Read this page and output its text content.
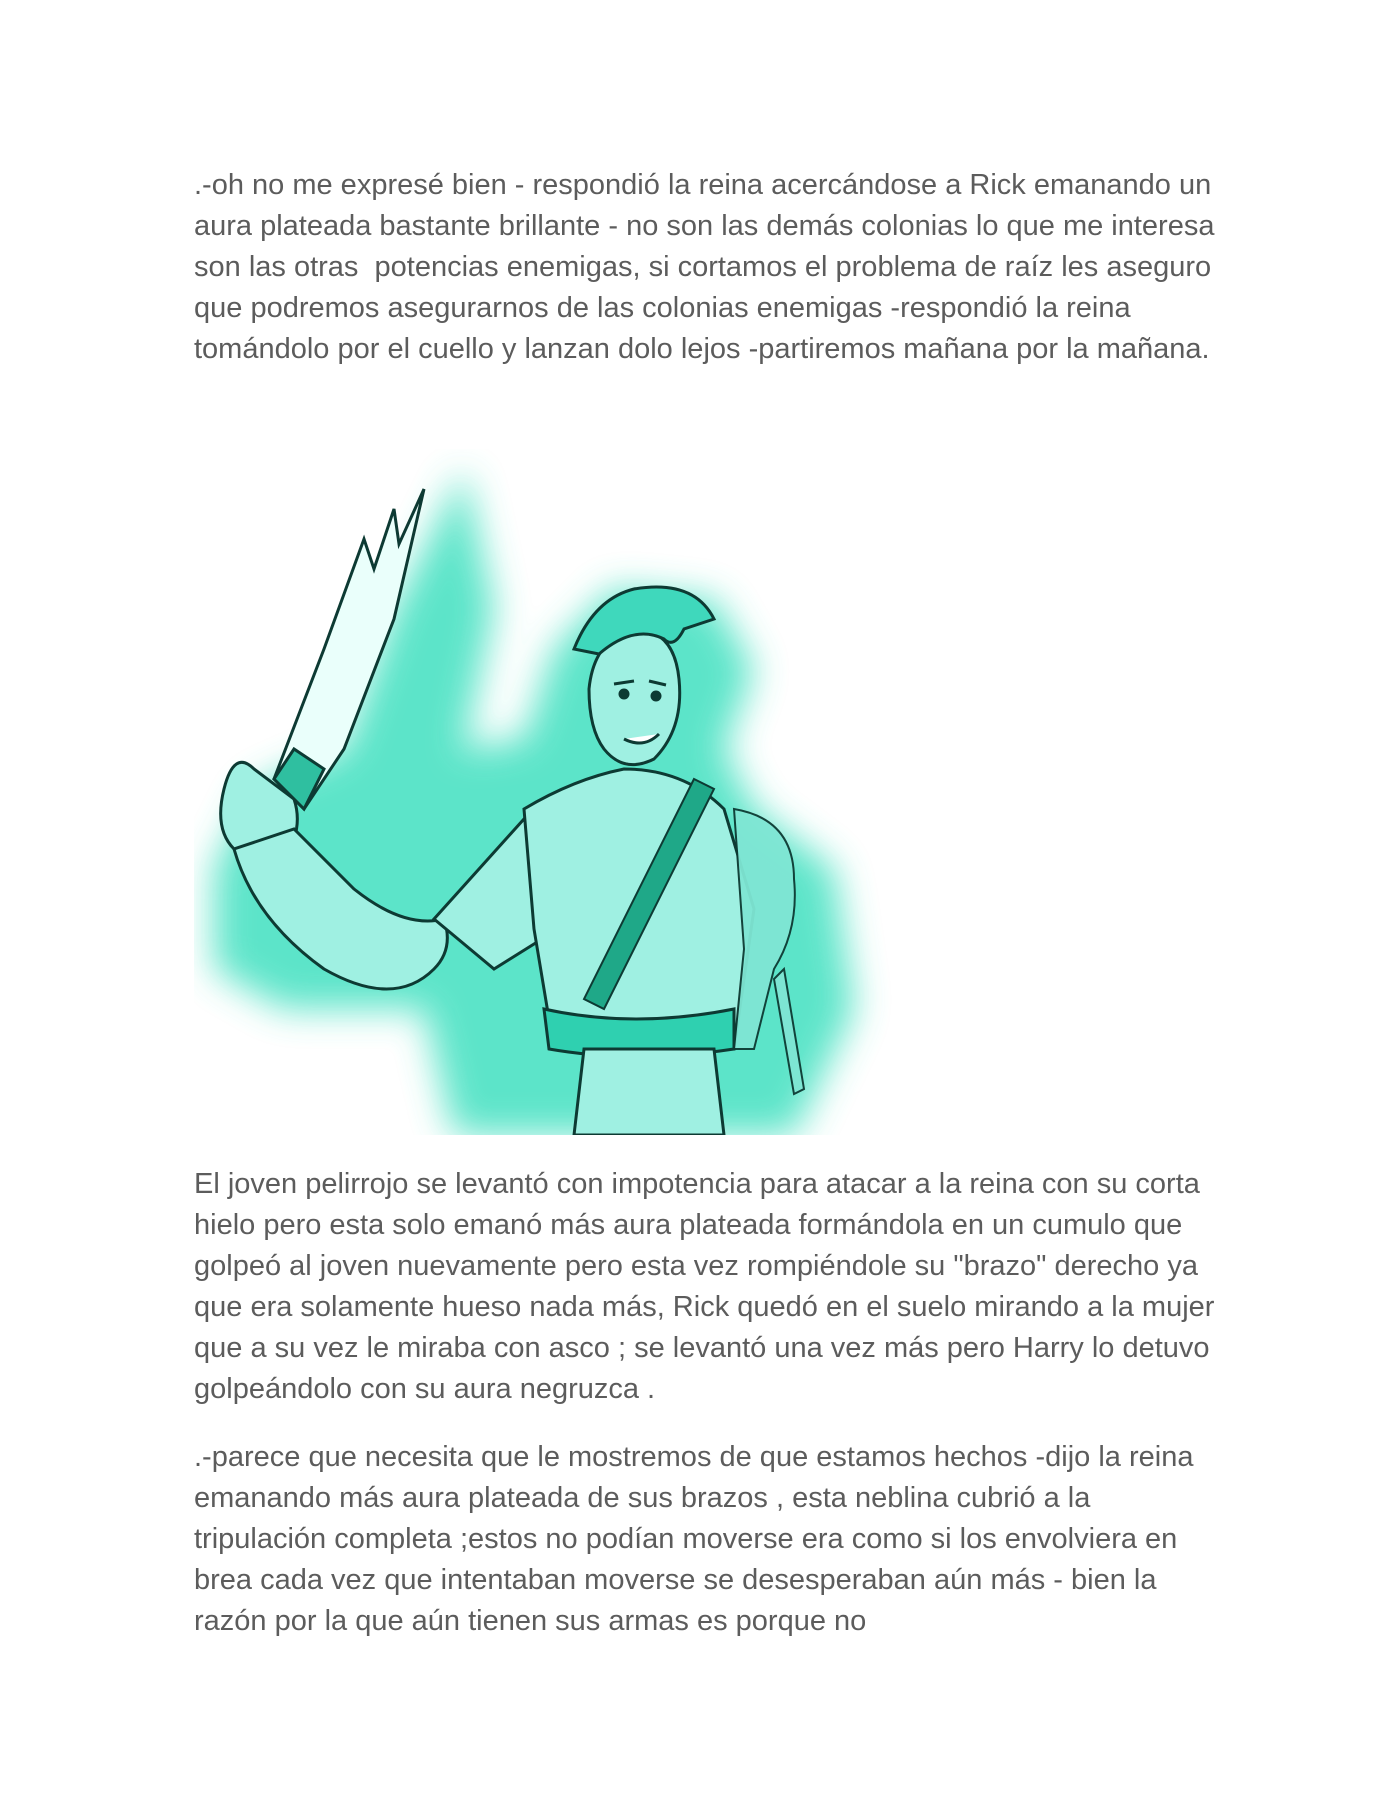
.-oh no me expresé bien - respondió la reina acercándose a Rick emanando un aura plateada bastante brillante - no son las demás colonias lo que me interesa   son las otras  potencias enemigas, si cortamos el problema de raíz les aseguro que podremos asegurarnos de las colonias enemigas -respondió la reina tomándolo por el cuello y lanzan dolo lejos -partiremos mañana por la mañana.

El joven pelirrojo se levantó con impotencia para atacar a la reina con su corta hielo pero esta solo emanó más aura plateada formándola en un cumulo que golpeó al joven nuevamente pero esta vez rompiéndole su "brazo" derecho ya que era solamente hueso nada más, Rick quedó en el suelo mirando a la mujer que a su vez le miraba con asco ; se levantó una vez más pero Harry lo detuvo golpeándolo con su aura negruzca .

.-parece que necesita que le mostremos de que estamos hechos -dijo la reina emanando más aura plateada de sus brazos , esta neblina cubrió a la tripulación completa ;estos no podían moverse era como si los envolviera en brea cada vez que intentaban moverse se desesperaban aún más - bien la razón por la que aún tienen sus armas es porque no
